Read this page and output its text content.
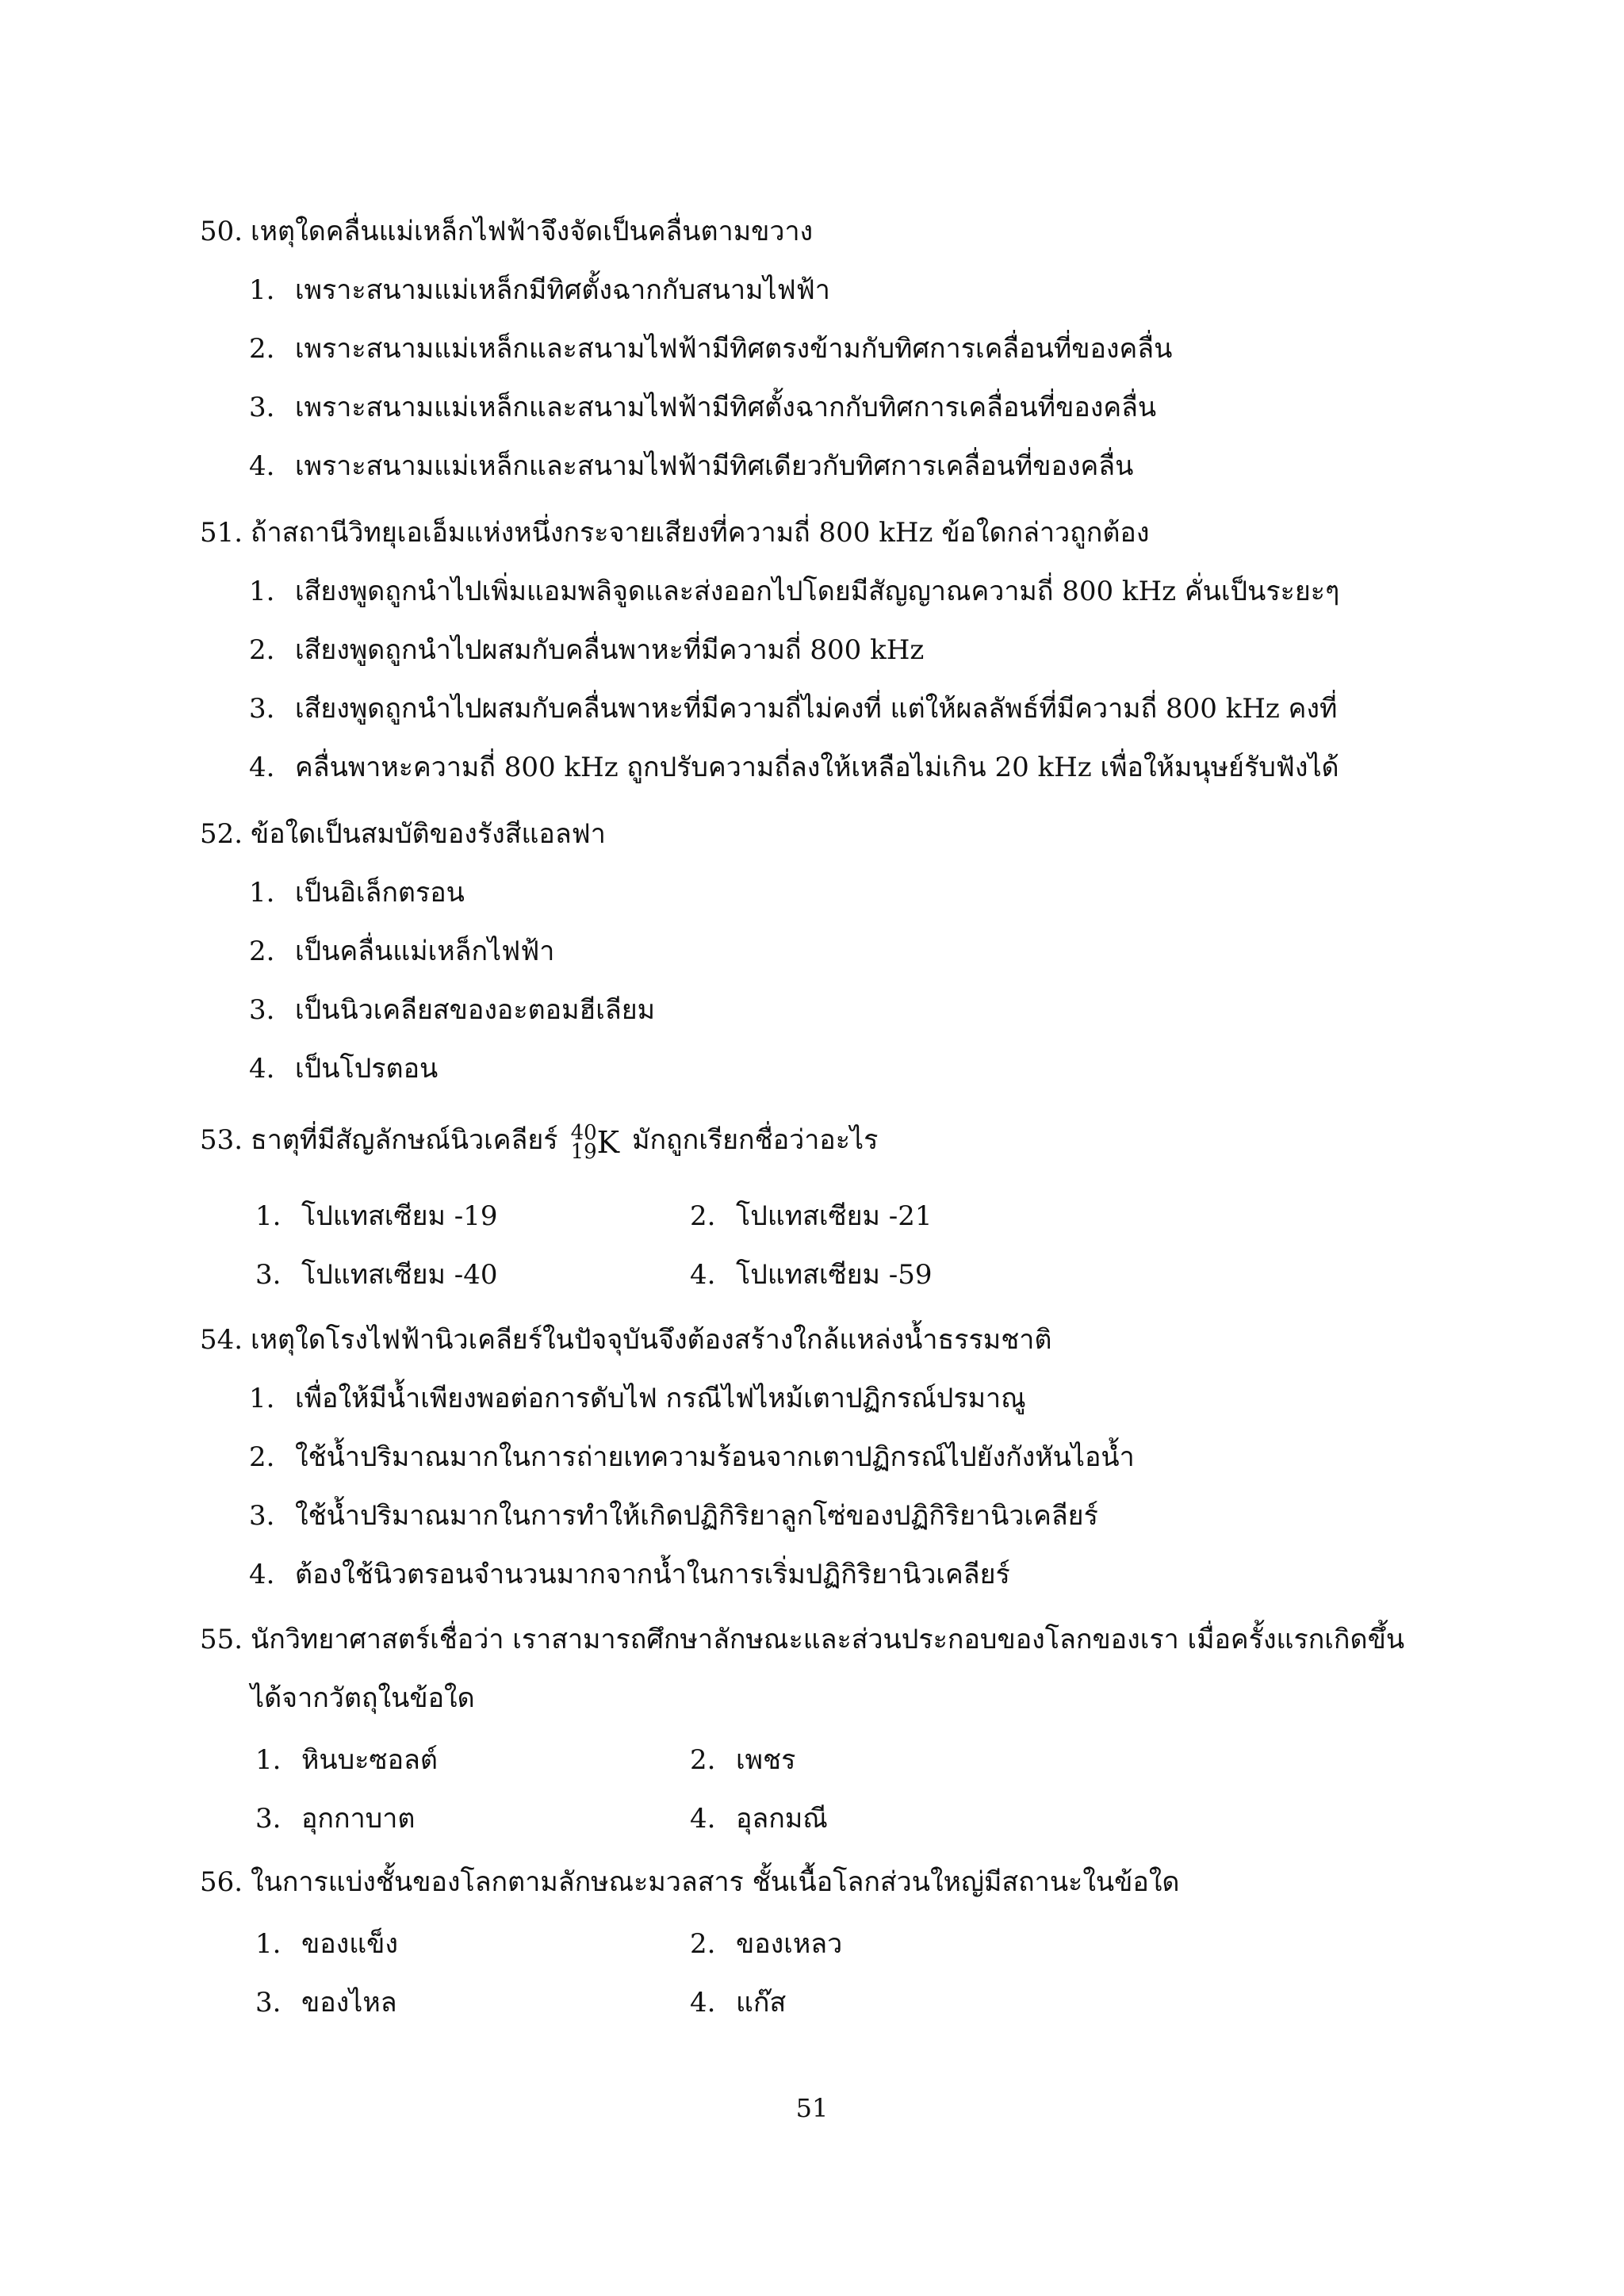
50. เหตุใดคลื่นแม่เหล็กไฟฟ้าจึงจัดเป็นคลื่นตามขวาง
1. เพราะสนามแม่เหล็กมีทิศตั้งฉากกับสนามไฟฟ้า
2. เพราะสนามแม่เหล็กและสนามไฟฟ้ามีทิศตรงข้ามกับทิศการเคลื่อนที่ของคลื่น
3. เพราะสนามแม่เหล็กและสนามไฟฟ้ามีทิศตั้งฉากกับทิศการเคลื่อนที่ของคลื่น
4. เพราะสนามแม่เหล็กและสนามไฟฟ้ามีทิศเดียวกับทิศการเคลื่อนที่ของคลื่น
51. ถ้าสถานีวิทยุเอเอ็มแห่งหนึ่งกระจายเสียงที่ความถี่ 800 kHz ข้อใดกล่าวถูกต้อง
1. เสียงพูดถูกนำไปเพิ่มแอมพลิจูดและส่งออกไปโดยมีสัญญาณความถี่ 800 kHz คั่นเป็นระยะๆ
2. เสียงพูดถูกนำไปผสมกับคลื่นพาหะที่มีความถี่ 800 kHz
3. เสียงพูดถูกนำไปผสมกับคลื่นพาหะที่มีความถี่ไม่คงที่ แต่ให้ผลลัพธ์ที่มีความถี่ 800 kHz คงที่
4. คลื่นพาหะความถี่ 800 kHz ถูกปรับความถี่ลงให้เหลือไม่เกิน 20 kHz เพื่อให้มนุษย์รับฟังได้
52. ข้อใดเป็นสมบัติของรังสีแอลฟา
1. เป็นอิเล็กตรอน
2. เป็นคลื่นแม่เหล็กไฟฟ้า
3. เป็นนิวเคลียสของอะตอมฮีเลียม
4. เป็นโปรตอน
53. ธาตุที่มีสัญลักษณ์นิวเคลียร์ 40
19 K มักถูกเรียกชื่อว่าอะไร
1. โปแทสเซียม -19	2. โปแทสเซียม -21
3. โปแทสเซียม -40	4. โปแทสเซียม -59
54. เหตุใดโรงไฟฟ้านิวเคลียร์ในปัจจุบันจึงต้องสร้างใกล้แหล่งน้ำธรรมชาติ
1. เพื่อให้มีน้ำเพียงพอต่อการดับไฟ กรณีไฟไหม้เตาปฏิกรณ์ปรมาณู
2. ใช้น้ำปริมาณมากในการถ่ายเทความร้อนจากเตาปฏิกรณ์ไปยังกังหันไอน้ำ
3. ใช้น้ำปริมาณมากในการทำให้เกิดปฏิกิริยาลูกโซ่ของปฏิกิริยานิวเคลียร์
4. ต้องใช้นิวตรอนจำนวนมากจากน้ำในการเริ่มปฏิกิริยานิวเคลียร์
55. นักวิทยาศาสตร์เชื่อว่า เราสามารถศึกษาลักษณะและส่วนประกอบของโลกของเรา เมื่อครั้งแรกเกิดขึ้น
ได้จากวัตถุในข้อใด
1. หินบะซอลต์	2. เพชร
3. อุกกาบาต	4. อุลกมณี
56. ในการแบ่งชั้นของโลกตามลักษณะมวลสาร ชั้นเนื้อโลกส่วนใหญ่มีสถานะในข้อใด
1. ของแข็ง	2. ของเหลว
3. ของไหล	4. แก๊ส
51
